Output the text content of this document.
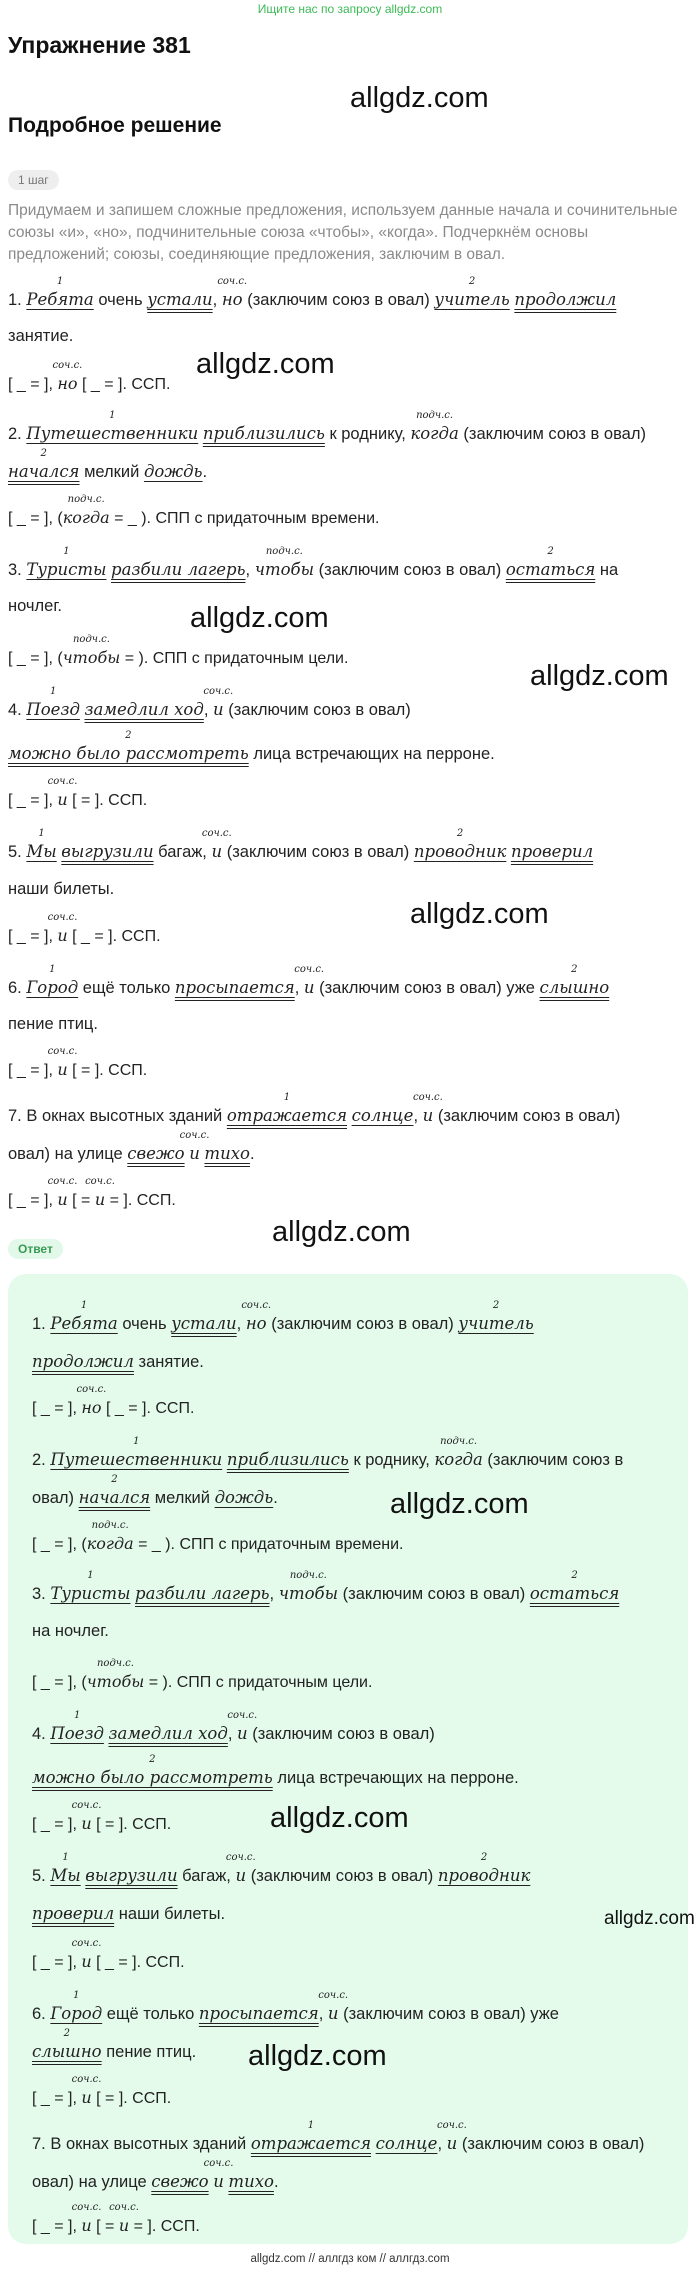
Ищите нас по запросу allgdz.com
Упражнение 381
allgdz.com
Подробное решение
1 шаг
Придумаем и запишем сложные предложения, используем данные начала и сочинительные союзы «и», «но», подчинительные союза «чтобы», «когда». Подчеркнём основы предложений; союзы, соединяющие предложения, заключим в овал.
1.
1
Ребята очень устали,
соч.с.
но (заключим союз в овал)
2
учитель продолжил
занятие.
allgdz.com
[ _ = ],
соч.с.
но [ _ = ]. ССП.
2.
1
Путешественники приблизились к роднику,
подч.с.
когда (заключим союз в овал)
2
начался мелкий дождь.
[ _ = ], (
подч.с.
когда = _ ). СПП с придаточным времени.
3.
1
Туристы разбили лагерь,
подч.с.
чтобы (заключим союз в овал)
2
остаться на
ночлег.	allgdz.com
[ _ = ], (
подч.с.
чтобы = ). СПП с придаточным цели.
allgdz.com
4.
1
Поезд замедлил ход,
соч.с.
и (заключим союз в овал)
2
можно было рассмотреть лица встречающих на перроне.
[ _ = ],
соч.с.
и [ = ]. ССП.
5.
1
Мы выгрузили багаж,
соч.с.
и (заключим союз в овал)
2
проводник проверил
наши билеты.
allgdz.com
[ _ = ],
соч.с.
и [ _ = ]. ССП.
6.
1
Город ещё только просыпается,
соч.с.
и (заключим союз в овал) уже
2
слышно
пение птиц.
[ _ = ],
соч.с.
и [ = ]. ССП.
7. В окнах высотных зданий
1
отражается солнце,
соч.с.
и (заключим союз в овал)
овал) на улице свежо
соч.с.
и тихо.
[ _ = ],
соч.с.
и [ =
соч.с.
и = ]. ССП.
allgdz.com
Ответ
1.
1
Ребята очень устали,
соч.с.
но (заключим союз в овал)
2
учитель
продолжил занятие.
[ _ = ],
соч.с.
но [ _ = ]. ССП.
2.
1
Путешественники приблизились к роднику,
подч.с.
когда (заключим союз в
овал)
2
начался мелкий дождь.	allgdz.com
[ _ = ], (
подч.с.
когда = _ ). СПП с придаточным времени.
3.
1
Туристы разбили лагерь,
подч.с.
чтобы (заключим союз в овал)
2
остаться
на ночлег.
[ _ = ], (
подч.с.
чтобы = ). СПП с придаточным цели.
4.
1
Поезд замедлил ход,
соч.с.
и (заключим союз в овал)
2
можно было рассмотреть лица встречающих на перроне.
[ _ = ],
соч.с.
и [ = ]. ССП.	allgdz.com
5.
1
Мы выгрузили багаж,
соч.с.
и (заключим союз в овал)
2
проводник
проверил наши билеты.	allgdz.com
[ _ = ],
соч.с.
и [ _ = ]. ССП.
6.
1
Город ещё только просыпается,
соч.с.
и (заключим союз в овал) уже
2
слышно пение птиц. allgdz.com
[ _ = ],
соч.с.
и [ = ]. ССП.
7. В окнах высотных зданий
1
отражается солнце,
соч.с.
и (заключим союз в овал)
овал) на улице свежо
соч.с.
и тихо.
[ _ = ],
соч.с.
и [ =
соч.с.
и = ]. ССП.
allgdz.com // аллгдз ком // аллгдз.com
